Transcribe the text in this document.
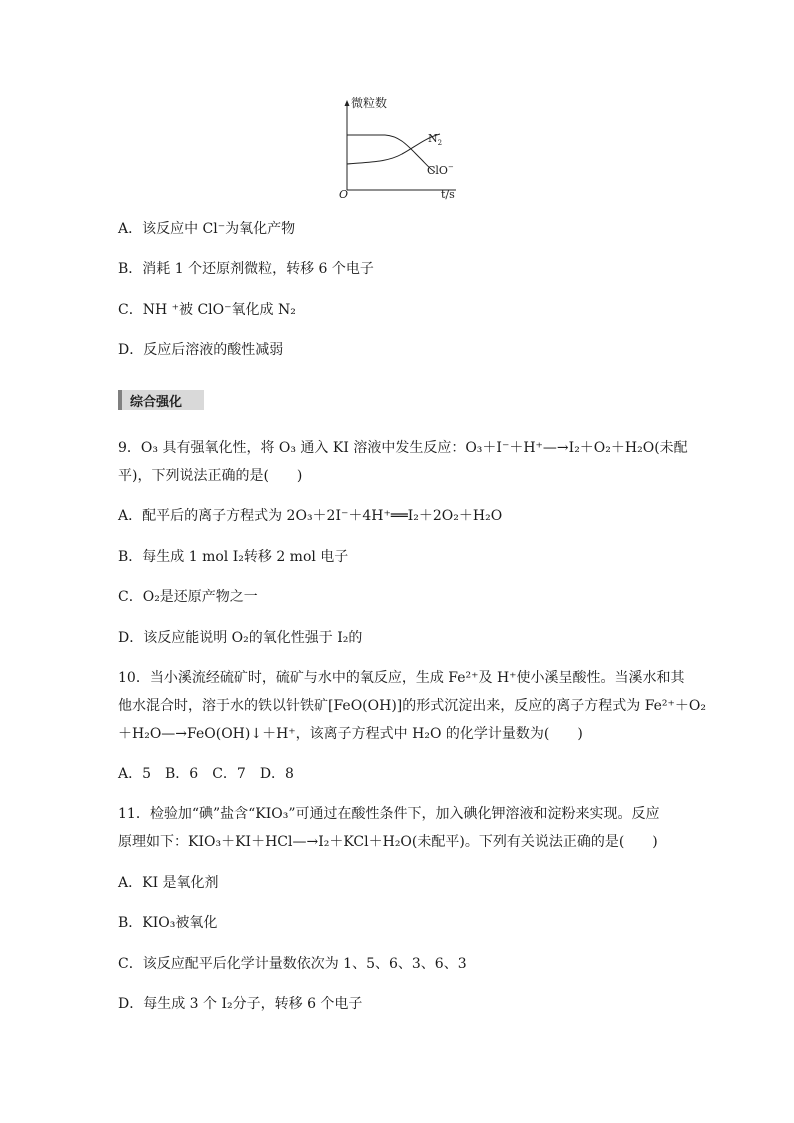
微粒数
O	t/s
$N_2$
ClO−

A．该反应中 Cl⁻为氧化产物

B．消耗 1 个还原剂微粒，转移 6 个电子

C．NH ⁺被 ClO⁻氧化成 N₂

D．反应后溶液的酸性减弱

综合强化

9．O₃ 具有强氧化性，将 O₃ 通入 KI 溶液中发生反应：O₃＋I⁻＋H⁺—→I₂＋O₂＋H₂O(未配

平)，下列说法正确的是(　　)

A．配平后的离子方程式为 2O₃＋2I⁻＋4H⁺══I₂＋2O₂＋H₂O

B．每生成 1 mol I₂转移 2 mol 电子

C．O₂是还原产物之一

D．该反应能说明 O₂的氧化性强于 I₂的

10．当小溪流经硫矿时，硫矿与水中的氧反应，生成 Fe²⁺及 H⁺使小溪呈酸性。当溪水和其

他水混合时，溶于水的铁以针铁矿[FeO(OH)]的形式沉淀出来，反应的离子方程式为 Fe²⁺＋O₂

＋H₂O—→FeO(OH)↓＋H⁺，该离子方程式中 H₂O 的化学计量数为(　　)

A．5　B．6　C．7　D．8

11．检验加“碘”盐含“KIO₃”可通过在酸性条件下，加入碘化钾溶液和淀粉来实现。反应

原理如下：KIO₃＋KI＋HCl—→I₂＋KCl＋H₂O(未配平)。下列有关说法正确的是(　　)

A．KI 是氧化剂

B．KIO₃被氧化

C．该反应配平后化学计量数依次为 1、5、6、3、6、3

D．每生成 3 个 I₂分子，转移 6 个电子
